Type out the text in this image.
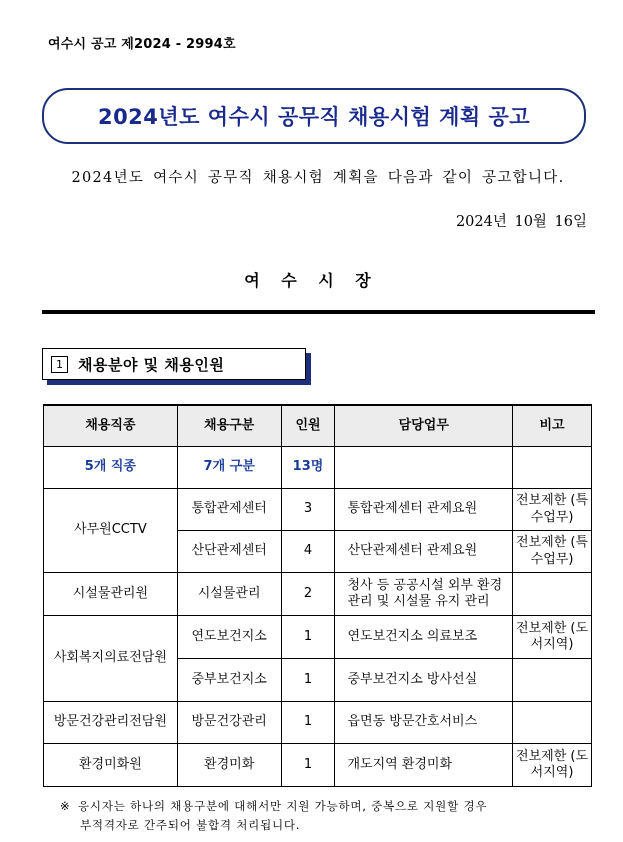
여수시 공고 제2024 - 2994호
2024년도 여수시 공무직 채용시험 계획 공고
2024년도 여수시 공무직 채용시험 계획을 다음과 같이 공고합니다.
2024년 10월 16일
여 수 시 장
1	채용분야 및 채용인원
채용직종	채용구분	인원	담당업무	비고
5개 직종	7개 구분	13명		
사무원CCTV	통합관제센터	3	통합관제센터 관제요원	전보제한 (특수업무)
	산단관제센터	4	산단관제센터 관제요원	전보제한 (특수업무)
시설물관리원	시설물관리	2	청사 등 공공시설 외부 환경 관리 및 시설물 유지 관리	
사회복지의료전담원	연도보건지소	1	연도보건지소 의료보조	전보제한 (도서지역)
	중부보건지소	1	중부보건지소 방사선실	
방문건강관리전담원	방문건강관리	1	읍면동 방문간호서비스	
환경미화원	환경미화	1	개도지역 환경미화	전보제한 (도서지역)
※ 응시자는 하나의 채용구분에 대해서만 지원 가능하며, 중복으로 지원할 경우
부적격자로 간주되어 불합격 처리됩니다.
